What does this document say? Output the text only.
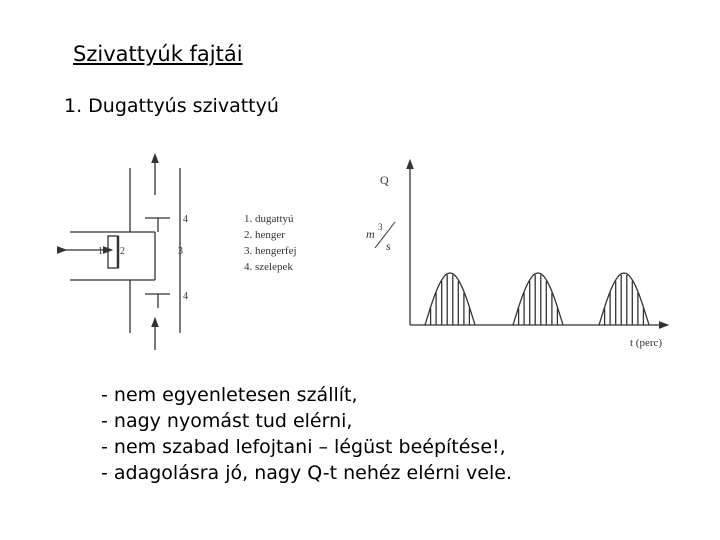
Szivattyúk fajtái
1. Dugattyús szivattyú
1 2	3
4
4
1. dugattyú
2. henger
3. hengerfej
4. szelepek
Q
m 3
s
t (perc)
- nem egyenletesen szállít,
- nagy nyomást tud elérni,
- nem szabad lefojtani – légüst beépítése!,
- adagolásra jó, nagy Q-t nehéz elérni vele.
